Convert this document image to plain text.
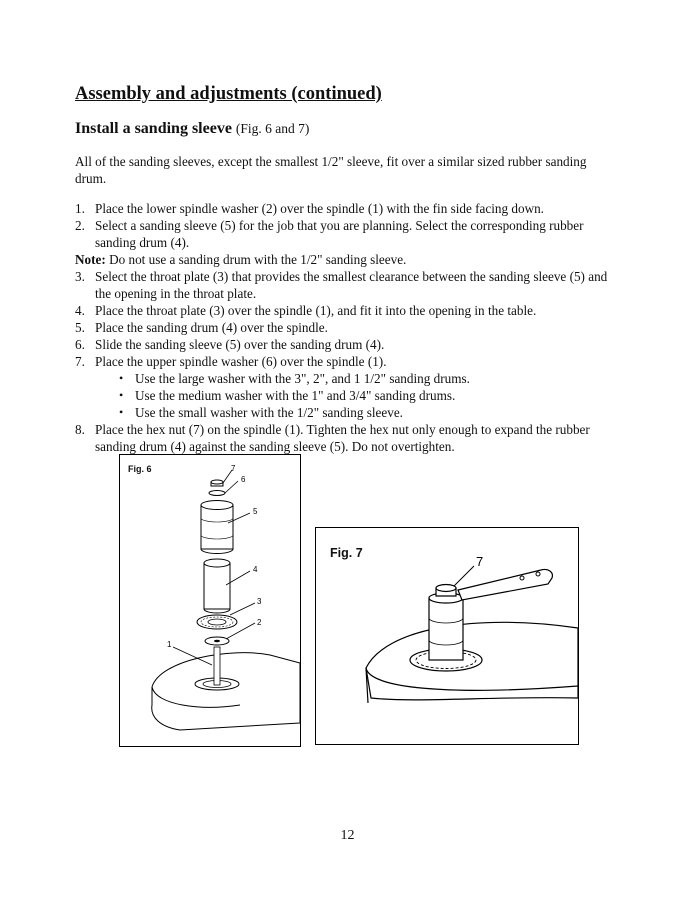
Assembly and adjustments (continued)
Install a sanding sleeve (Fig. 6 and 7)
All of the sanding sleeves, except the smallest 1/2" sleeve, fit over a similar sized rubber sanding drum.
1. Place the lower spindle washer (2) over the spindle (1) with the fin side facing down.
2. Select a sanding sleeve (5) for the job that you are planning. Select the corresponding rubber sanding drum (4).
Note: Do not use a sanding drum with the 1/2" sanding sleeve.
3. Select the throat plate (3) that provides the smallest clearance between the sanding sleeve (5) and the opening in the throat plate.
4. Place the throat plate (3) over the spindle (1), and fit it into the opening in the table.
5. Place the sanding drum (4) over the spindle.
6. Slide the sanding sleeve (5) over the sanding drum (4).
7. Place the upper spindle washer (6) over the spindle (1).
• Use the large washer with the 3", 2", and 1 1/2" sanding drums.
• Use the medium washer with the 1" and 3/4" sanding drums.
• Use the small washer with the 1/2" sanding sleeve.
8. Place the hex nut (7) on the spindle (1). Tighten the hex nut only enough to expand the rubber sanding drum (4) against the sanding sleeve (5). Do not overtighten.
7
6
5
4
3
2
1
Fig. 6
7
Fig. 7
12
